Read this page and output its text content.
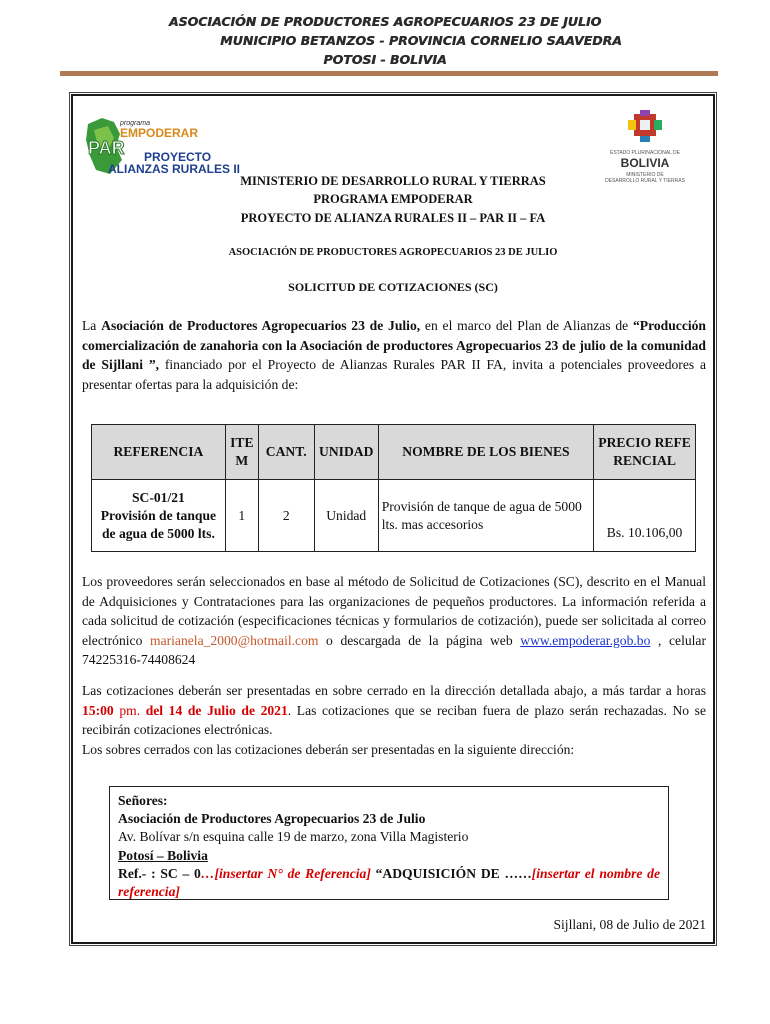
ASOCIACIÓN DE PRODUCTORES AGROPECUARIOS 23 DE JULIO
MUNICIPIO BETANZOS - PROVINCIA CORNELIO SAAVEDRA
POTOSI - BOLIVIA
programa
EMPODERAR
PAR PROYECTO
ALIANZAS RURALES II
ESTADO PLURINACIONAL DE
BOLIVIA
MINISTERIO DE
DESARROLLO RURAL Y TIERRAS
MINISTERIO DE DESARROLLO RURAL Y TIERRAS
PROGRAMA EMPODERAR
PROYECTO DE ALIANZA RURALES II – PAR II – FA
ASOCIACIÓN DE PRODUCTORES AGROPECUARIOS 23 DE JULIO
SOLICITUD DE COTIZACIONES (SC)

La Asociación de Productores Agropecuarios 23 de Julio, en el marco del Plan de Alianzas de “Producción comercialización de zanahoria con la Asociación de productores Agropecuarios 23 de julio de la comunidad de Sijllani ”, financiado por el Proyecto de Alianzas Rurales PAR II FA, invita a potenciales proveedores a presentar ofertas para la adquisición de:

REFERENCIA	ITEM	CANT.	UNIDAD	NOMBRE DE LOS BIENES	PRECIO REFERENCIAL

SC-01/21
Provisión de tanque de agua de 5000 lts.	1	2	Unidad	Provisión de tanque de agua de 5000 lts. mas accesorios	Bs. 10.106,00

Los proveedores serán seleccionados en base al método de Solicitud de Cotizaciones (SC), descrito en el Manual de Adquisiciones y Contrataciones para las organizaciones de pequeños productores. La información referida a cada solicitud de cotización (especificaciones técnicas y formularios de cotización), puede ser solicitada al correo electrónico marianela_2000@hotmail.com o descargada de la página web www.empoderar.gob.bo , celular 74225316-74408624

Las cotizaciones deberán ser presentadas en sobre cerrado en la dirección detallada abajo, a más tardar a horas 15:00 pm. del 14 de Julio de 2021. Las cotizaciones que se reciban fuera de plazo serán rechazadas. No se recibirán cotizaciones electrónicas.

Los sobres cerrados con las cotizaciones deberán ser presentadas en la siguiente dirección:

Señores:
Asociación de Productores Agropecuarios 23 de Julio
Av. Bolívar s/n esquina calle 19 de marzo, zona Villa Magisterio
Potosí – Bolivia
Ref.- : SC – 0…[insertar N° de Referencia] “ADQUISICIÓN DE ……[insertar el nombre de referencia]
Sijllani, 08 de Julio de 2021
